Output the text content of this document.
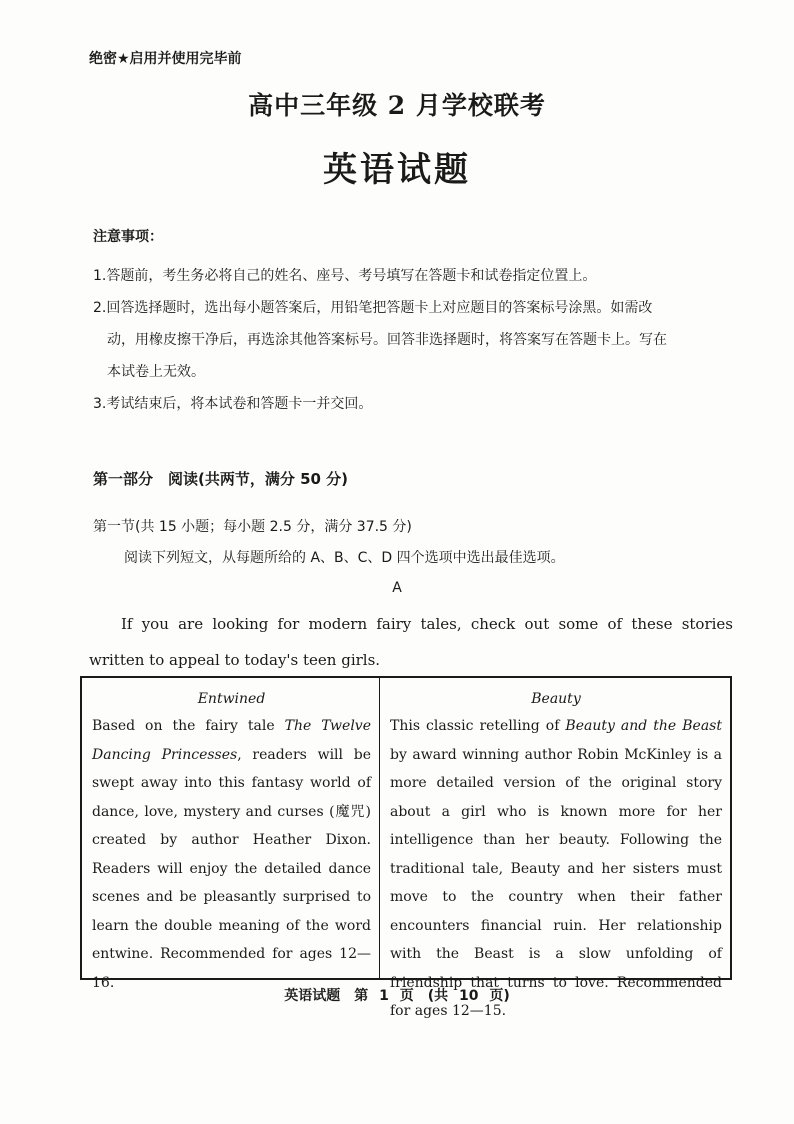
绝密★启用并使用完毕前
高中三年级 2 月学校联考
英语试题
注意事项：
1.答题前，考生务必将自己的姓名、座号、考号填写在答题卡和试卷指定位置上。
2.回答选择题时，选出每小题答案后，用铅笔把答题卡上对应题目的答案标号涂黑。如需改
动，用橡皮擦干净后，再选涂其他答案标号。回答非选择题时，将答案写在答题卡上。写在
本试卷上无效。
3.考试结束后，将本试卷和答题卡一并交回。
第一部分　阅读(共两节，满分 50 分)
第一节(共 15 小题；每小题 2.5 分，满分 37.5 分)
阅读下列短文，从每题所给的 A、B、C、D 四个选项中选出最佳选项。
A
If you are looking for modern fairy tales, check out some of these stories written to appeal to today's teen girls.
Entwined
Based on the fairy tale The Twelve Dancing Princesses, readers will be swept away into this fantasy world of dance, love, mystery and curses (魔咒) created by author Heather Dixon. Readers will enjoy the detailed dance scenes and be pleasantly surprised to learn the double meaning of the word entwine. Recommended for ages 12—16.
Beauty
This classic retelling of Beauty and the Beast by award winning author Robin McKinley is a more detailed version of the original story about a girl who is known more for her intelligence than her beauty. Following the traditional tale, Beauty and her sisters must move to the country when their father encounters financial ruin. Her relationship with the Beast is a slow unfolding of friendship that turns to love. Recommended for ages 12—15.
英语试题　第 1 页　(共 10 页)
